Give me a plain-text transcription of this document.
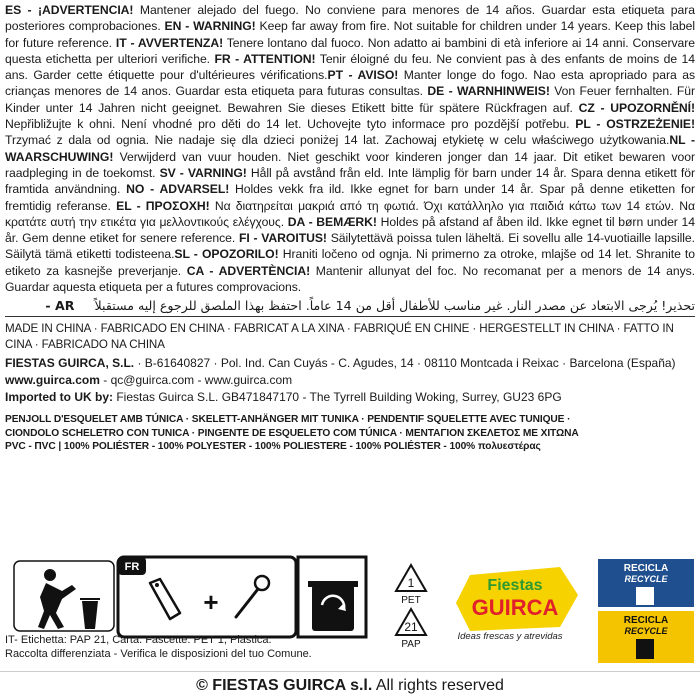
ES - ¡ADVERTENCIA! Mantener alejado del fuego. No conviene para menores de 14 años. Guardar esta etiqueta para posteriores comprobaciones. EN - WARNING! Keep far away from fire. Not suitable for children under 14 years. Keep this label for future reference. IT - AVVERTENZA! Tenere lontano dal fuoco. Non adatto ai bambini di età inferiore ai 14 anni. Conservare questa etichetta per ulteriori verifiche. FR - ATTENTION! Tenir éloigné du feu. Ne convient pas à des enfants de moins de 14 ans. Garder cette étiquette pour d'ultérieures vérifications.PT - AVISO! Manter longe do fogo. Nao esta apropriado para as crianças menores de 14 anos. Guardar esta etiqueta para futuras consultas. DE - WARNHINWEIS! Von Feuer fernhalten. Für Kinder unter 14 Jahren nicht geeignet. Bewahren Sie dieses Etikett bitte für spätere Rückfragen auf. CZ - UPOZORNĚNÍ! Nepřibližujte k ohni. Není vhodné pro děti do 14 let. Uchovejte tyto informace pro pozdější potřebu. PL - OSTRZEŻENIE! Trzymać z dala od ognia. Nie nadaje się dla dzieci poniżej 14 lat. Zachowaj etykietę w celu właściwego użytkowania.NL - WAARSCHUWING! Verwijderd van vuur houden. Niet geschikt voor kinderen jonger dan 14 jaar. Dit etiket bewaren voor raadpleging in de toekomst. SV - VARNING! Håll på avstånd från eld. Inte lämplig för barn under 14 år. Spara denna etikett för framtida användning. NO - ADVARSEL! Holdes vekk fra ild. Ikke egnet for barn under 14 år. Spar på denne etiketten for fremtidig referanse. EL - ΠΡΟΣΟΧΗ! Να διατηρείται μακριά από τη φωτιά. Όχι κατάλληλο για παιδιά κάτω των 14 ετών. Να κρατάτε αυτή την ετικέτα για μελλοντικούς ελέγχους. DA - BEMÆRK! Holdes på afstand af åben ild. Ikke egnet til børn under 14 år. Gem denne etiket for senere reference. FI - VAROITUS! Säilytettävä poissa tulen läheltä. Ei sovellu alle 14-vuotiaille lapsille. Säilytä tämä etiketti todisteena.SL - OPOZORILO! Hraniti ločeno od ognja. Ni primerno za otroke, mlajše od 14 let. Shranite to etiketo za kasnejše preverjanje. CA - ADVERTÈNCIA! Mantenir allunyat del foc. No recomanat per a menors de 14 anys. Guardar aquesta etiqueta per a futures comprovacions.
تحذير! يُرجى الابتعاد عن مصدر النار. غير مناسب للأطفال أقل من 14 عاماً. احتفظ بهذا الملصق للرجوع إليه مستقبلاً     AR -
MADE IN CHINA · FABRICADO EN CHINA · FABRICAT A LA XINA · FABRIQUÉ EN CHINE · HERGESTELLT IN CHINA · FATTO IN CINA · FABRICADO NA CHINA
FIESTAS GUIRCA, S.L. · B-61640827 · Pol. Ind. Can Cuyás - C. Agudes, 14 · 08110 Montcada i Reixac · Barcelona (España)
www.guirca.com - qc@guirca.com - www.guirca.com
Imported to UK by: Fiestas Guirca S.L. GB471847170 - The Tyrrell Building Woking, Surrey, GU23 6PG
PENJOLL D'ESQUELET AMB TÚNICA · SKELETT-ANHÄNGER MIT TUNIKA · PENDENTIF SQUELETTE AVEC TUNIQUE ·
CIONDOLO SCHELETRO CON TUNICA · PINGENTE DE ESQUELETO COM TÚNICA · ΜΕΝΤΑΓΙΟΝ ΣΚΕΛΕΤΟΣ ΜΕ ΧΙΤΩΝΑ
PVC - ΠVC | 100% POLIÉSTER - 100% POLYESTER - 100% POLIESTERE - 100% POLIÉSTER - 100% πολυεστέρας
FR
+
1
PET
21
PAP
Fiestas
GUIRCA
Ideas frescas y atrevidas
RECICLA
RECYCLE
RECICLA
RECYCLE
IT- Etichetta: PAP 21, Carta. Fascette: PET 1, Plastica.
Raccolta differenziata - Verifica le disposizioni del tuo Comune.
© FIESTAS GUIRCA s.l. All rights reserved
